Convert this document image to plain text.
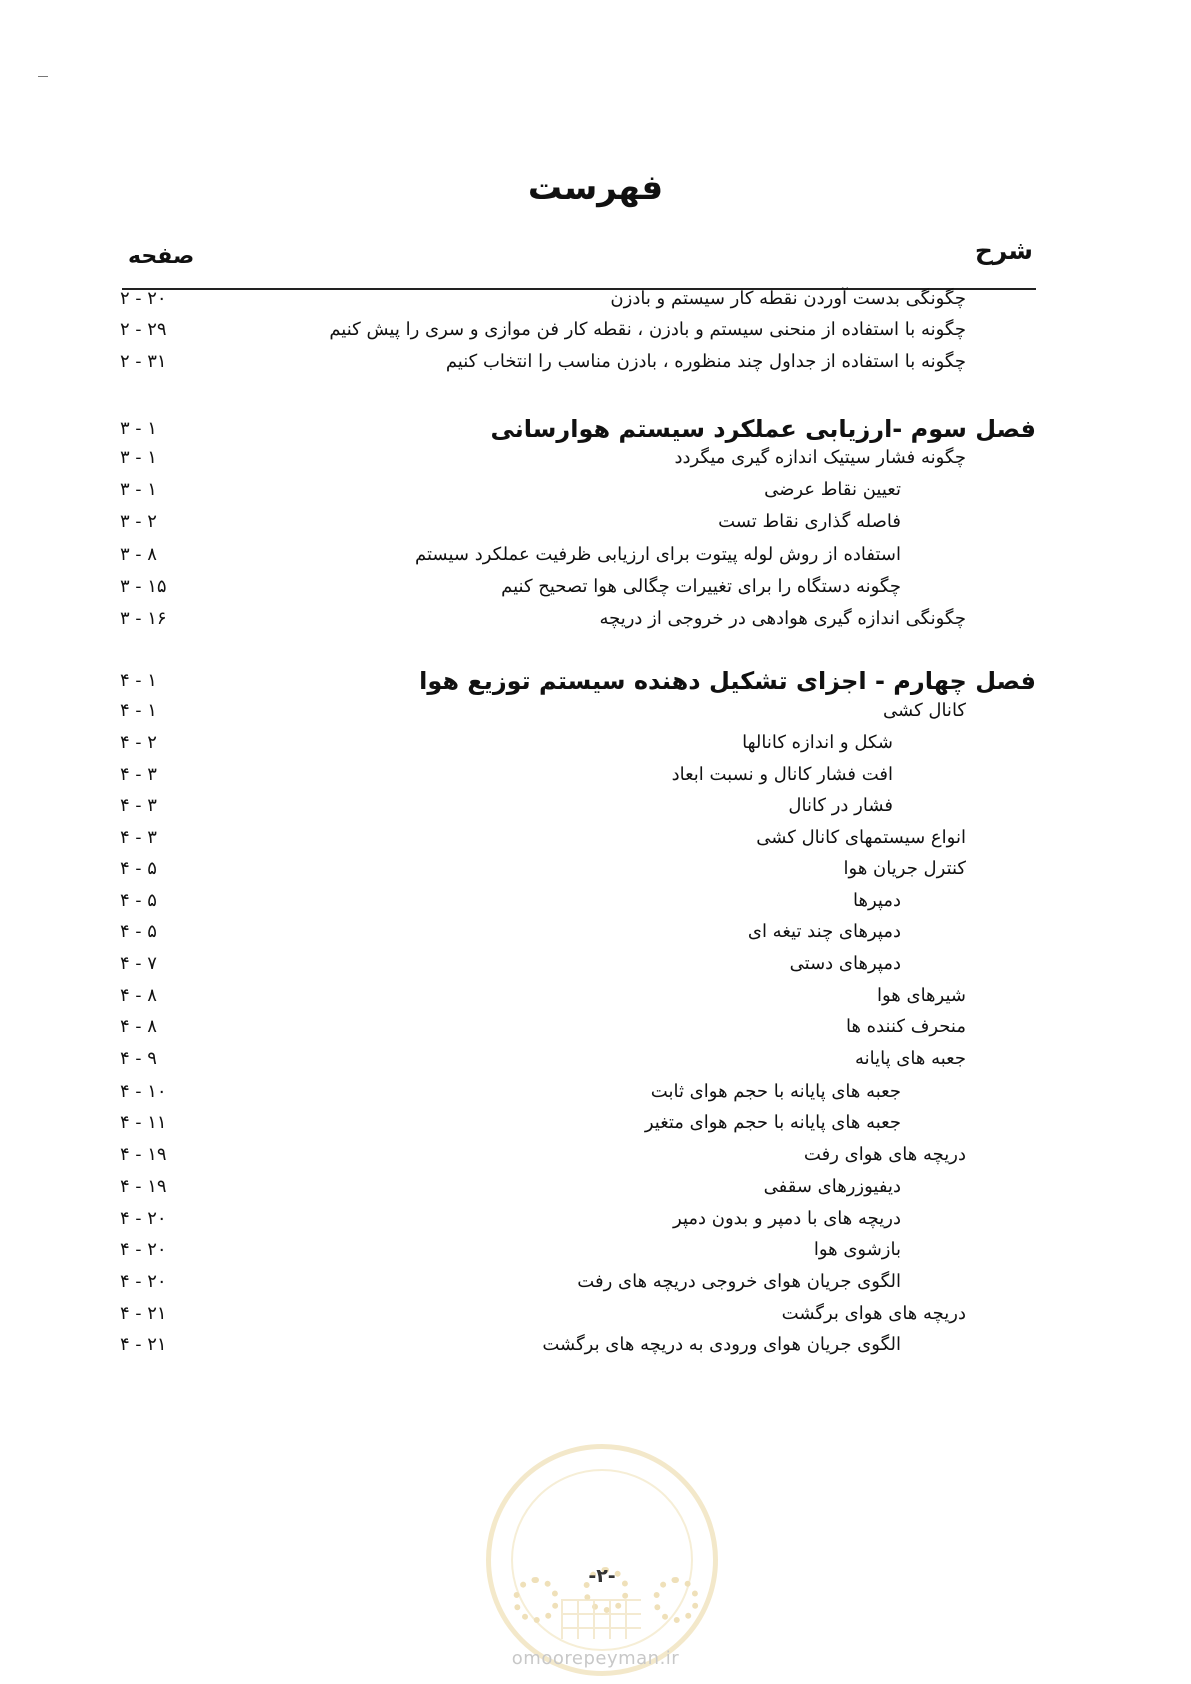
فهرست
شرح
صفحه
چگونگی بدست آوردن نقطه کار سیستم و بادزن
۲ - ۲۰
چگونه با استفاده از منحنی سیستم و بادزن ، نقطه کار فن موازی و سری را پیش کنیم
۲ - ۲۹
چگونه با استفاده از جداول چند منظوره ، بادزن مناسب را انتخاب کنیم
۲ - ۳۱
فصل سوم -ارزیابی عملکرد سیستم هوارسانی
۳ - ۱
چگونه فشار سیتیک اندازه گیری میگردد
۳ - ۱
تعیین نقاط عرضی
۳ - ۱
فاصله گذاری نقاط تست
۳ - ۲
استفاده از روش لوله پیتوت برای ارزیابی ظرفیت عملکرد سیستم
۳ - ۸
چگونه دستگاه را برای تغییرات چگالی هوا تصحیح کنیم
۳ - ۱۵
چگونگی اندازه گیری هوادهی در خروجی از دریچه
۳ - ۱۶
فصل چهارم - اجزای تشکیل دهنده سیستم توزیع هوا
۴ - ۱
کانال کشی
۴ - ۱
شکل و اندازه کانالها
۴ - ۲
افت فشار کانال و نسبت ابعاد
۴ - ۳
فشار در کانال
۴ - ۳
انواع سیستمهای کانال کشی
۴ - ۳
کنترل جریان هوا
۴ - ۵
دمپرها
۴ - ۵
دمپرهای چند تیغه ای
۴ - ۵
دمپرهای دستی
۴ - ۷
شیرهای هوا
۴ - ۸
منحرف کننده ها
۴ - ۸
جعبه های پایانه
۴ - ۹
جعبه های پایانه با حجم هوای ثابت
۴ - ۱۰
جعبه های پایانه با حجم هوای متغیر
۴ - ۱۱
دریچه های هوای رفت
۴ - ۱۹
دیفیوزرهای سقفی
۴ - ۱۹
دریچه های با دمپر و بدون دمپر
۴ - ۲۰
بازشوی هوا
۴ - ۲۰
الگوی جریان هوای خروجی دریچه های رفت
۴ - ۲۰
دریچه های هوای برگشت
۴ - ۲۱
الگوی جریان هوای ورودی به دریچه های برگشت
۴ - ۲۱
-۲-
omoorepeyman.ir
